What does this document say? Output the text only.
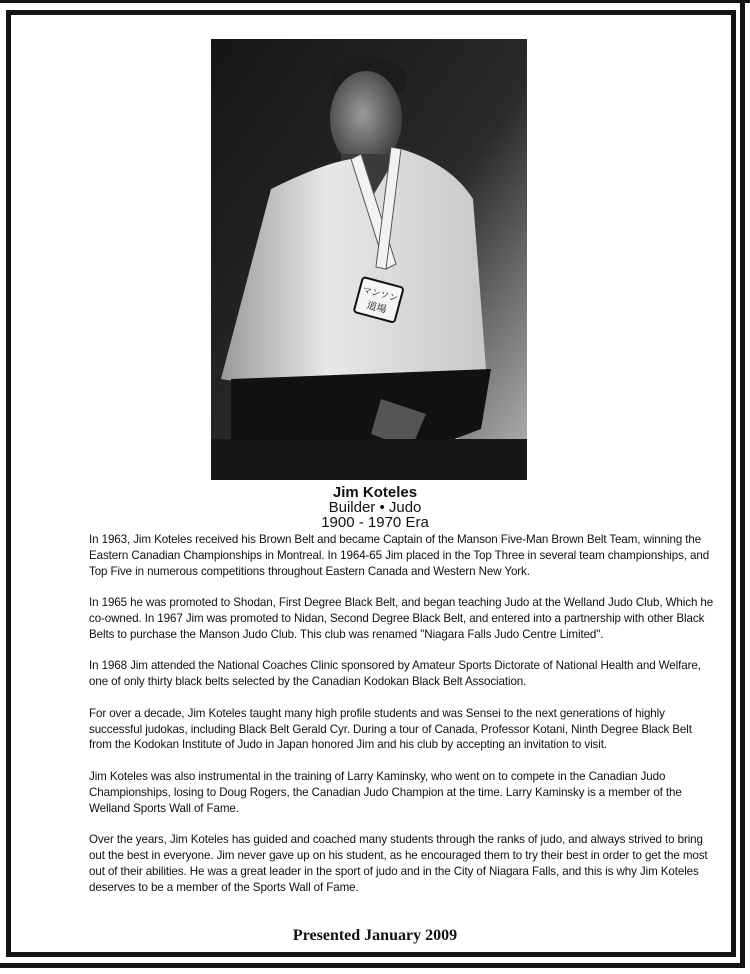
マンソン
道場
Jim Koteles
Builder • Judo
1900 - 1970 Era

In 1963, Jim Koteles received his Brown Belt and became Captain of the Manson Five-Man Brown Belt Team, winning the Eastern Canadian Championships in Montreal. In 1964-65 Jim placed in the Top Three in several team championships, and Top Five in numerous competitions throughout Eastern Canada and Western New York.

In 1965 he was promoted to Shodan, First Degree Black Belt, and began teaching Judo at the Welland Judo Club, Which he co-owned. In 1967 Jim was promoted to Nidan, Second Degree Black Belt, and entered into a partnership with other Black Belts to purchase the Manson Judo Club. This club was renamed "Niagara Falls Judo Centre Limited".

In 1968 Jim attended the National Coaches Clinic sponsored by Amateur Sports Dictorate of National Health and Welfare, one of only thirty black belts selected by the Canadian Kodokan Black Belt Association.

For over a decade, Jim Koteles taught many high profile students and was Sensei to the next generations of highly successful judokas, including Black Belt Gerald Cyr. During a tour of Canada, Professor Kotani, Ninth Degree Black Belt from the Kodokan Institute of Judo in Japan honored Jim and his club by accepting an invitation to visit.

Jim Koteles was also instrumental in the training of Larry Kaminsky, who went on to compete in the Canadian Judo Championships, losing to Doug Rogers, the Canadian Judo Champion at the time. Larry Kaminsky is a member of the Welland Sports Wall of Fame.

Over the years, Jim Koteles has guided and coached many students through the ranks of judo, and always strived to bring out the best in everyone. Jim never gave up on his student, as he encouraged them to try their best in order to get the most out of their abilities. He was a great leader in the sport of judo and in the City of Niagara Falls, and this is why Jim Koteles deserves to be a member of the Sports Wall of Fame.

Presented January 2009
